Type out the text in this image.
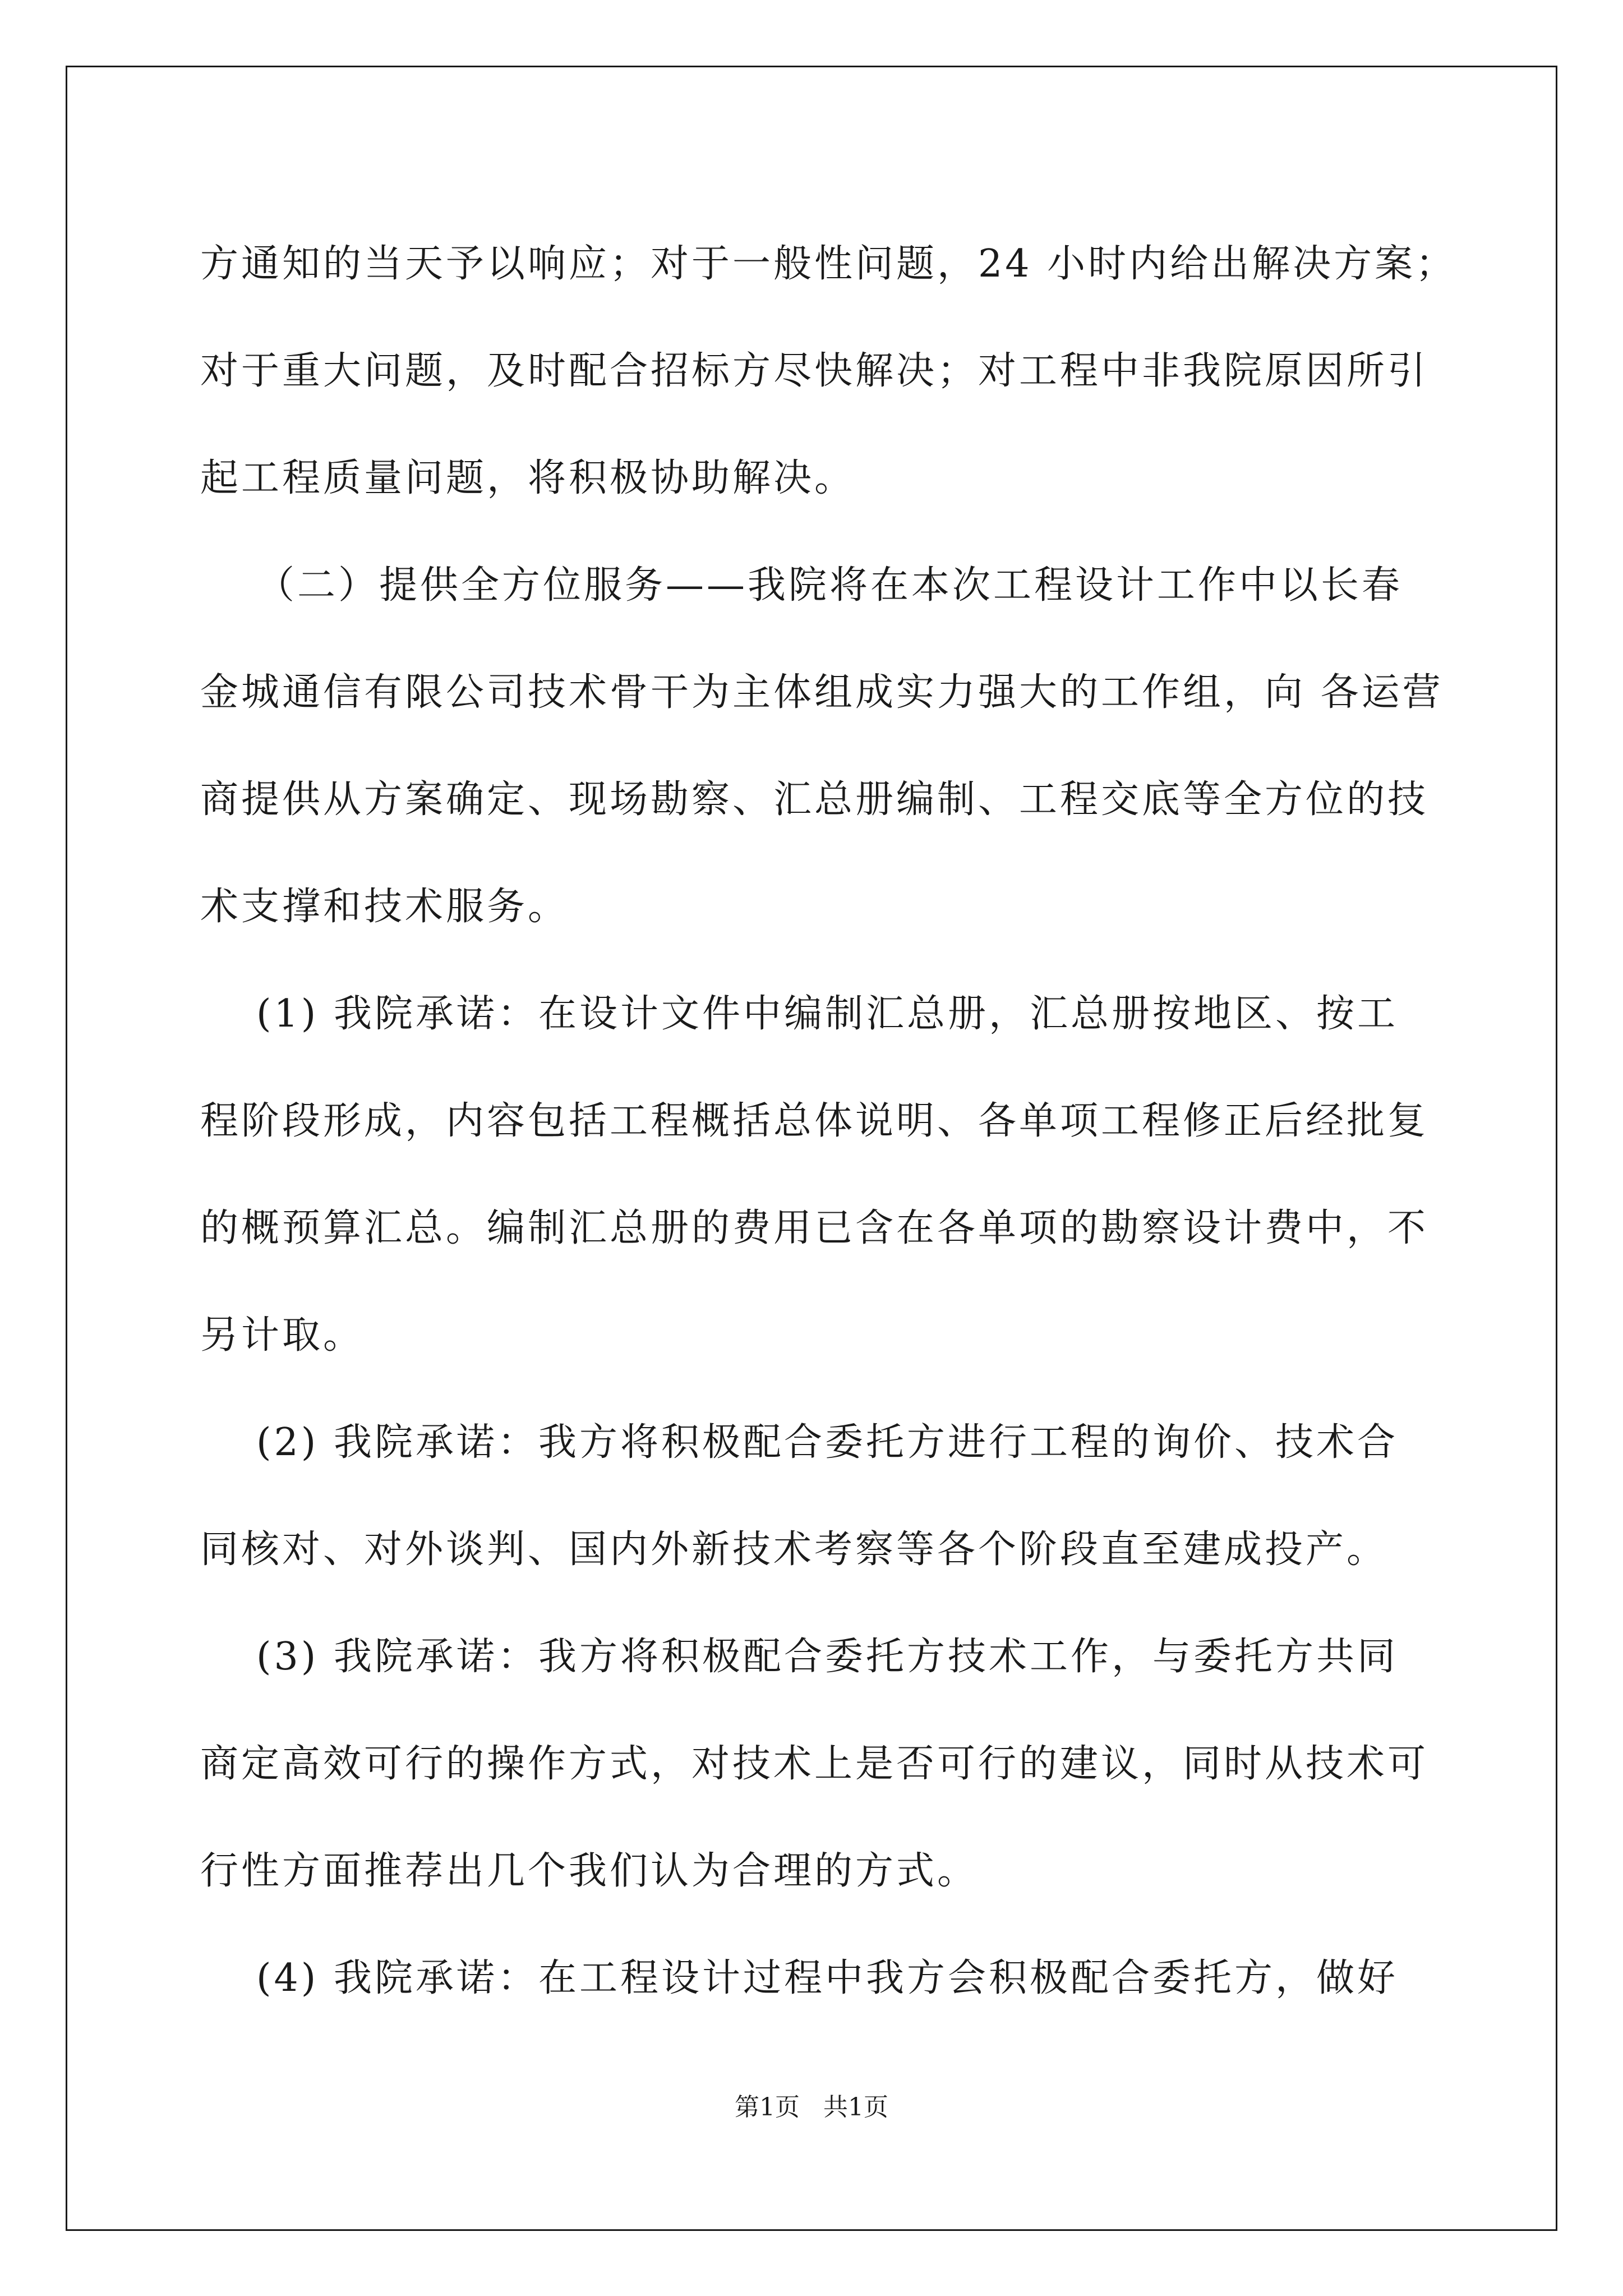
方通知的当天予以响应；对于一般性问题，24 小时内给出解决方案；
对于重大问题，及时配合招标方尽快解决；对工程中非我院原因所引
起工程质量问题，将积极协助解决。
（二）提供全方位服务——我院将在本次工程设计工作中以长春
金城通信有限公司技术骨干为主体组成实力强大的工作组，向 各运营
商提供从方案确定、现场勘察、汇总册编制、工程交底等全方位的技
术支撑和技术服务。
(1) 我院承诺：在设计文件中编制汇总册，汇总册按地区、按工
程阶段形成，内容包括工程概括总体说明、各单项工程修正后经批复
的概预算汇总。编制汇总册的费用已含在各单项的勘察设计费中，不
另计取。
(2) 我院承诺：我方将积极配合委托方进行工程的询价、技术合
同核对、对外谈判、国内外新技术考察等各个阶段直至建成投产。
(3) 我院承诺：我方将积极配合委托方技术工作，与委托方共同
商定高效可行的操作方式，对技术上是否可行的建议，同时从技术可
行性方面推荐出几个我们认为合理的方式。
(4) 我院承诺：在工程设计过程中我方会积极配合委托方，做好
第1页   共1页
